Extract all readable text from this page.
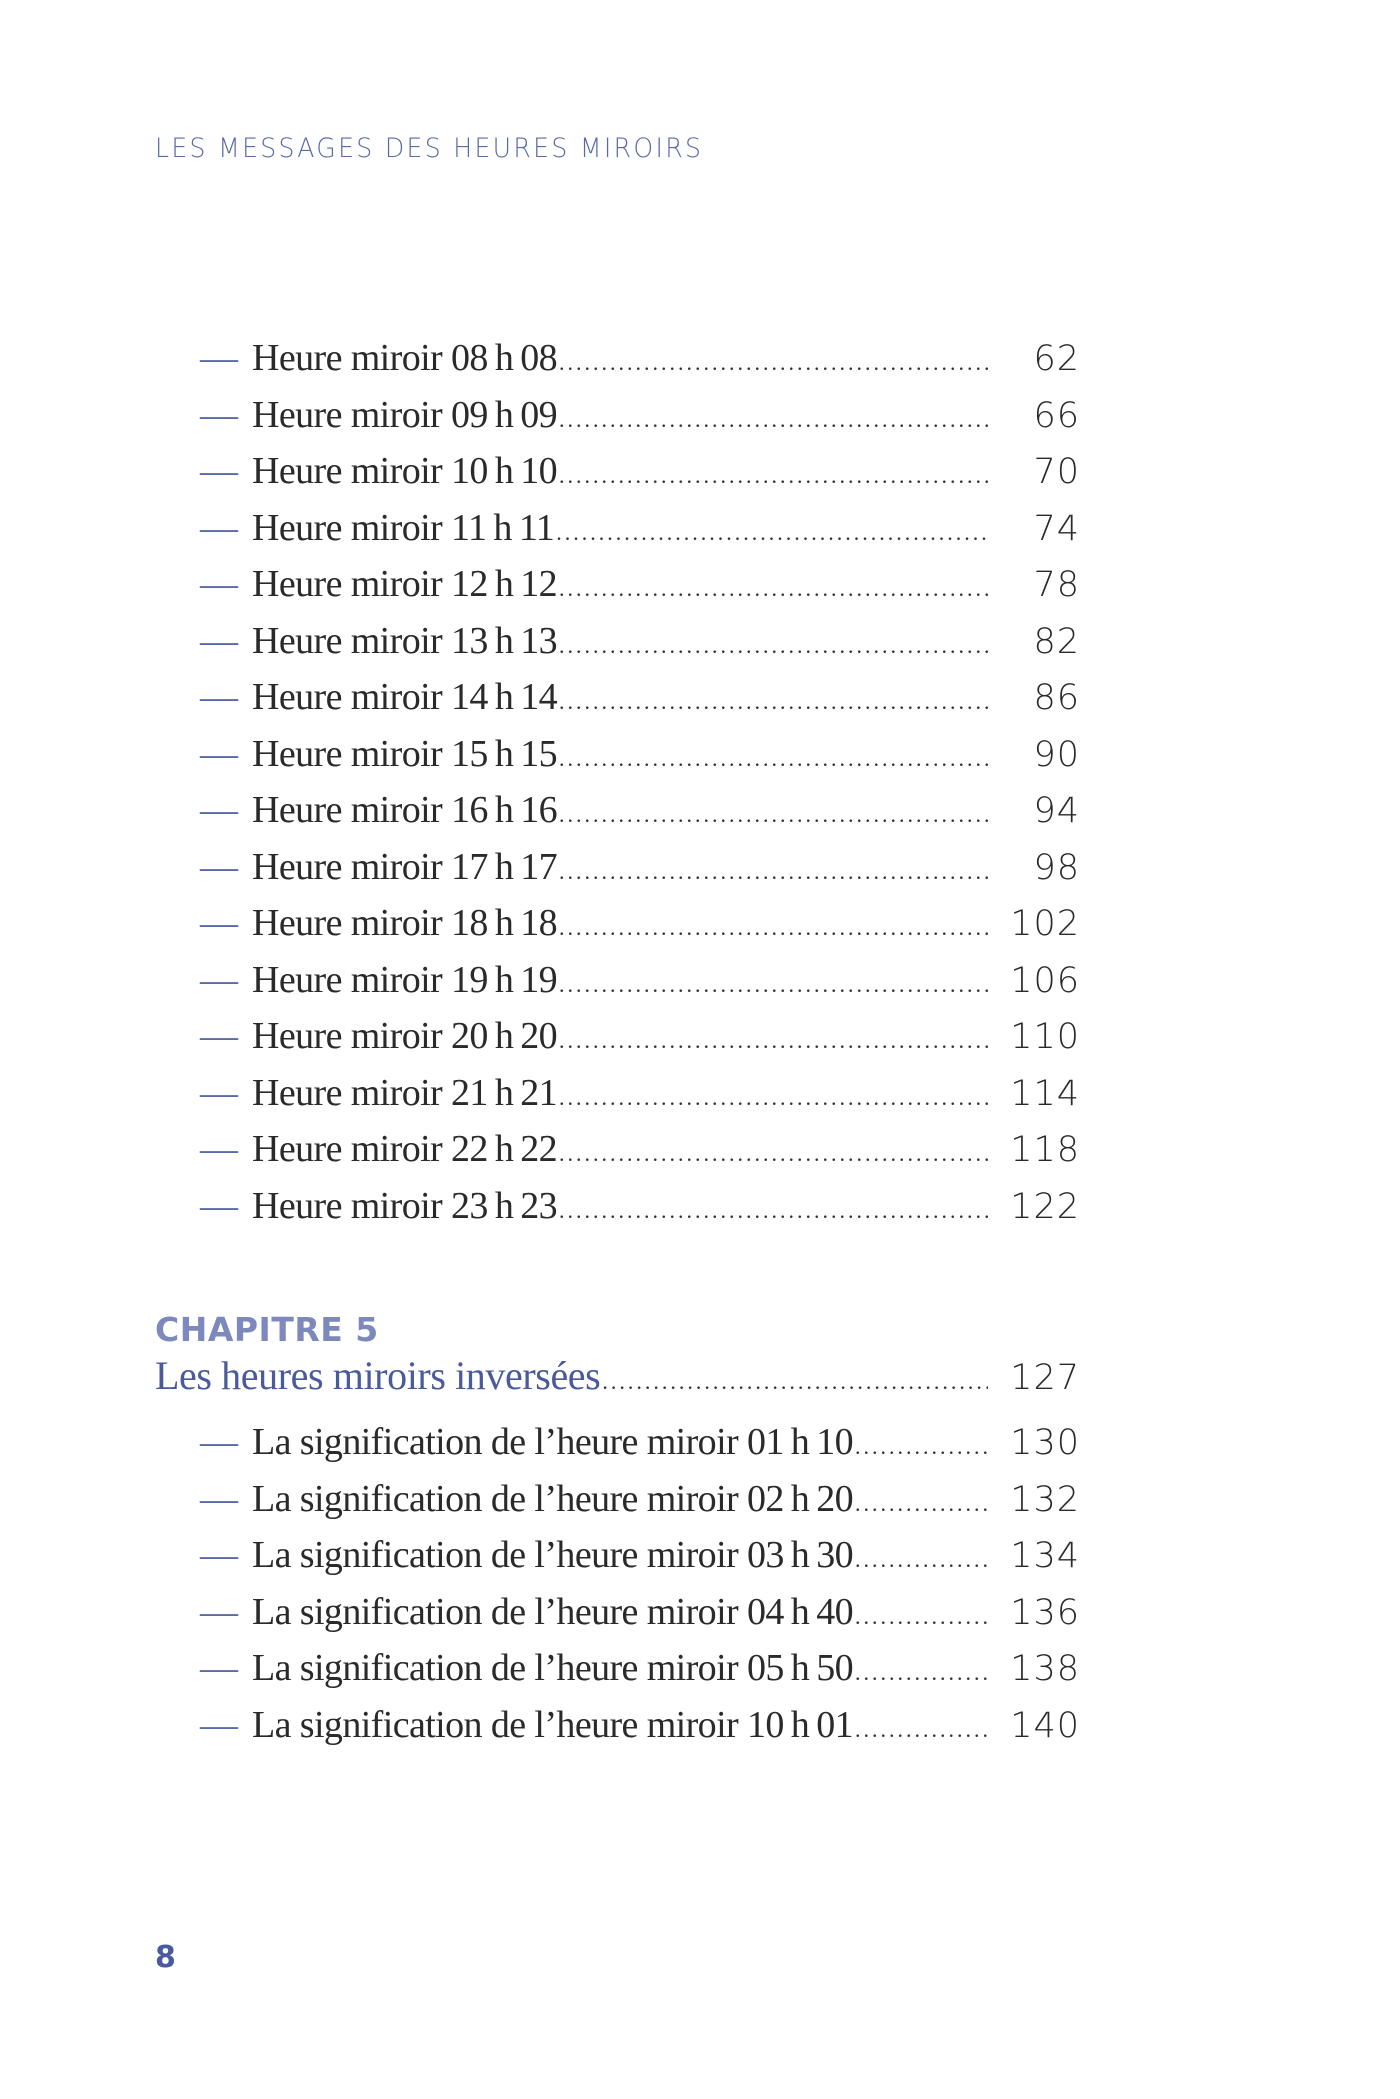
LES MESSAGES DES HEURES MIROIRS
— Heure miroir 08 h 08 .....	62
— Heure miroir 09 h 09 .....	66
— Heure miroir 10 h 10 .....	70
— Heure miroir 11 h 11 .....	74
— Heure miroir 12 h 12 .....	78
— Heure miroir 13 h 13 .....	82
— Heure miroir 14 h 14 .....	86
— Heure miroir 15 h 15 .....	90
— Heure miroir 16 h 16 .....	94
— Heure miroir 17 h 17 .....	98
— Heure miroir 18 h 18 .....	102
— Heure miroir 19 h 19 .....	106
— Heure miroir 20 h 20 .....	110
— Heure miroir 21 h 21 .....	114
— Heure miroir 22 h 22 .....	118
— Heure miroir 23 h 23 .....	122
CHAPITRE 5
Les heures miroirs inversées .....	127
— La signification de l’heure miroir 01 h 10 .....	130
— La signification de l’heure miroir 02 h 20 .....	132
— La signification de l’heure miroir 03 h 30 .....	134
— La signification de l’heure miroir 04 h 40 .....	136
— La signification de l’heure miroir 05 h 50 .....	138
— La signification de l’heure miroir 10 h 01 .....	140
8
